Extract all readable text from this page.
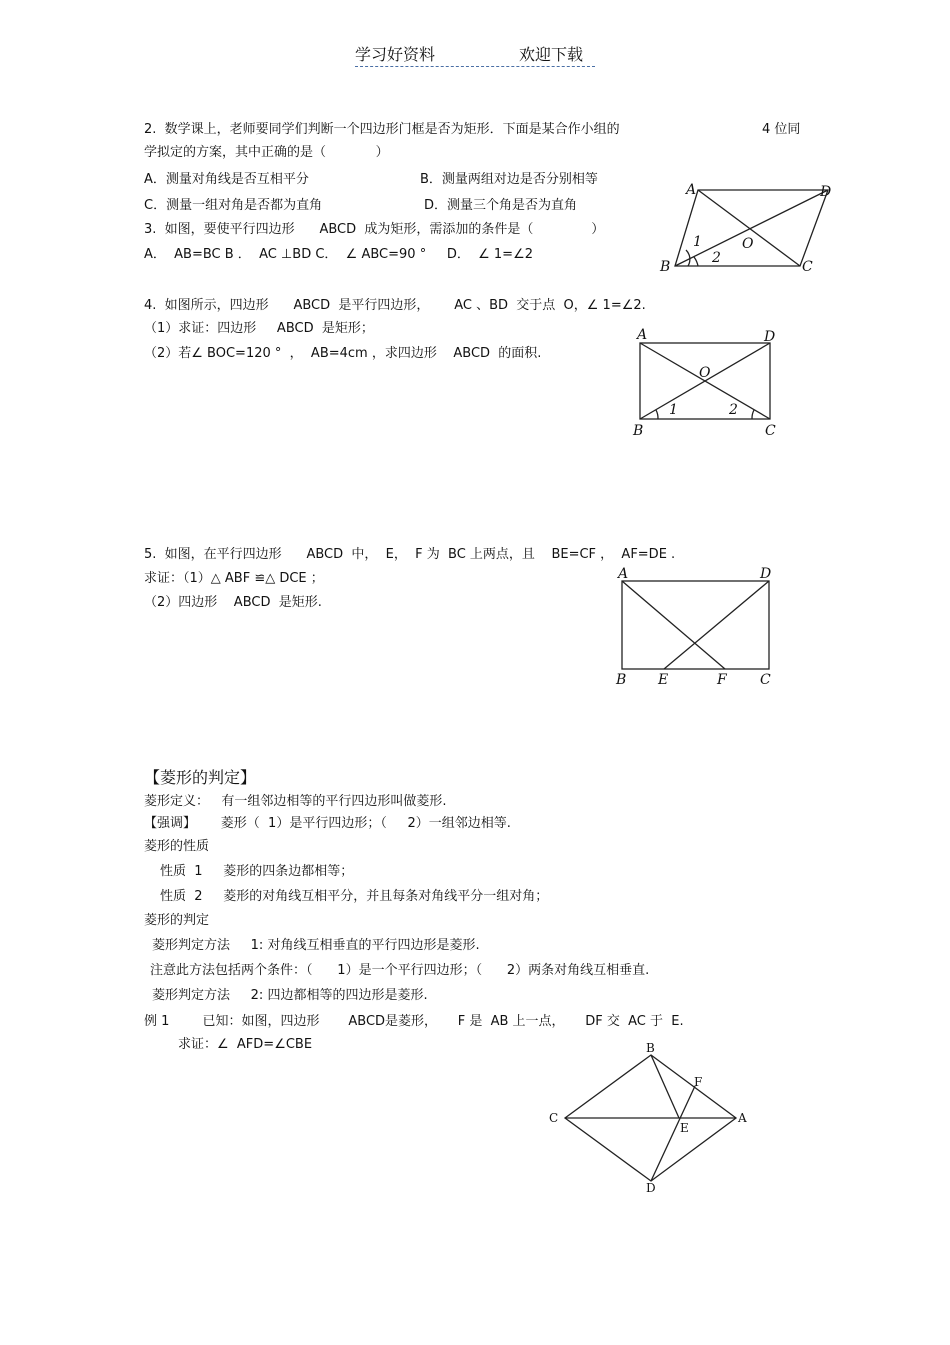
学习好资料	欢迎下载
2.  数学课上，老师要同学们判断一个四边形门框是否为矩形．下面是某合作小组的	4 位同
学拟定的方案，其中正确的是（            ）
A．测量对角线是否互相平分	B．测量两组对边是否分别相等
C．测量一组对角是否都为直角	D．测量三个角是否为直角
3.  如图，要使平行四边形      ABCD  成为矩形，需添加的条件是（              ）
A．  AB=BC B ．  AC ⊥BD C．  ∠ ABC=90 °     D．  ∠ 1=∠2
A	D
B	C
O
1
2
4.  如图所示，四边形      ABCD  是平行四边形，      AC 、BD  交于点  O，∠ 1=∠2.
（1）求证：四边形     ABCD  是矩形；
（2）若∠ BOC=120 °  ，  AB=4cm ，求四边形    ABCD  的面积.
A	D
B	C
O
1	2
5.  如图，在平行四边形      ABCD  中，  E，  F 为  BC 上两点，且    BE=CF ，  AF=DE .
求证：（1）△ ABF ≌△ DCE ；
（2）四边形    ABCD  是矩形.
A	D
B E	F C
【菱形的判定】
菱形定义：   有一组邻边相等的平行四边形叫做菱形.
【强调】      菱形（  1）是平行四边形；（     2）一组邻边相等.
菱形的性质
性质  1     菱形的四条边都相等；
性质  2     菱形的对角线互相平分，并且每条对角线平分一组对角；
菱形的判定
菱形判定方法     1: 对角线互相垂直的平行四边形是菱形.
注意此方法包括两个条件：（      1）是一个平行四边形；（      2）两条对角线互相垂直.
菱形判定方法     2: 四边都相等的四边形是菱形.
例 1        已知：如图，四边形       ABCD是菱形，     F 是  AB 上一点，     DF 交  AC 于  E.
求证：∠  AFD=∠CBE	B
F
C
E
A
D
